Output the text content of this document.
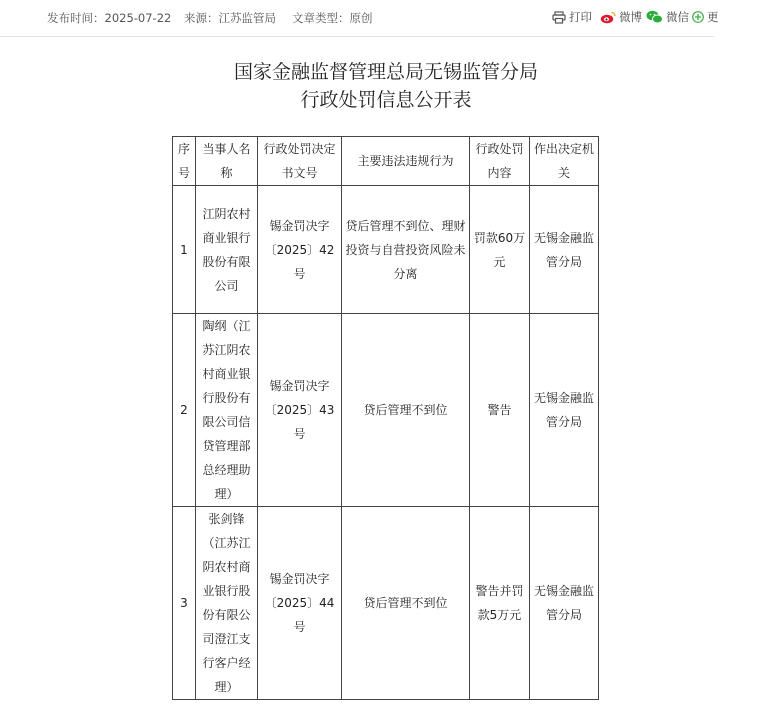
发布时间：2025-07-22 来源：江苏监管局 文章类型：原创	打印 微博 微信 更
国家金融监督管理总局无锡监管分局
行政处罚信息公开表
序号	当事人名称	行政处罚决定书文号	主要违法违规行为	行政处罚内容	作出决定机关
1	江阴农村商业银行股份有限公司	锡金罚决字〔2025〕42号	贷后管理不到位、理财投资与自营投资风险未分离	罚款60万元	无锡金融监管分局
2	陶纲（江苏江阴农村商业银行股份有限公司信贷管理部总经理助理）	锡金罚决字〔2025〕43号	贷后管理不到位	警告	无锡金融监管分局
3	张剑锋（江苏江阴农村商业银行股份有限公司澄江支行客户经理）	锡金罚决字〔2025〕44号	贷后管理不到位	警告并罚款5万元	无锡金融监管分局
